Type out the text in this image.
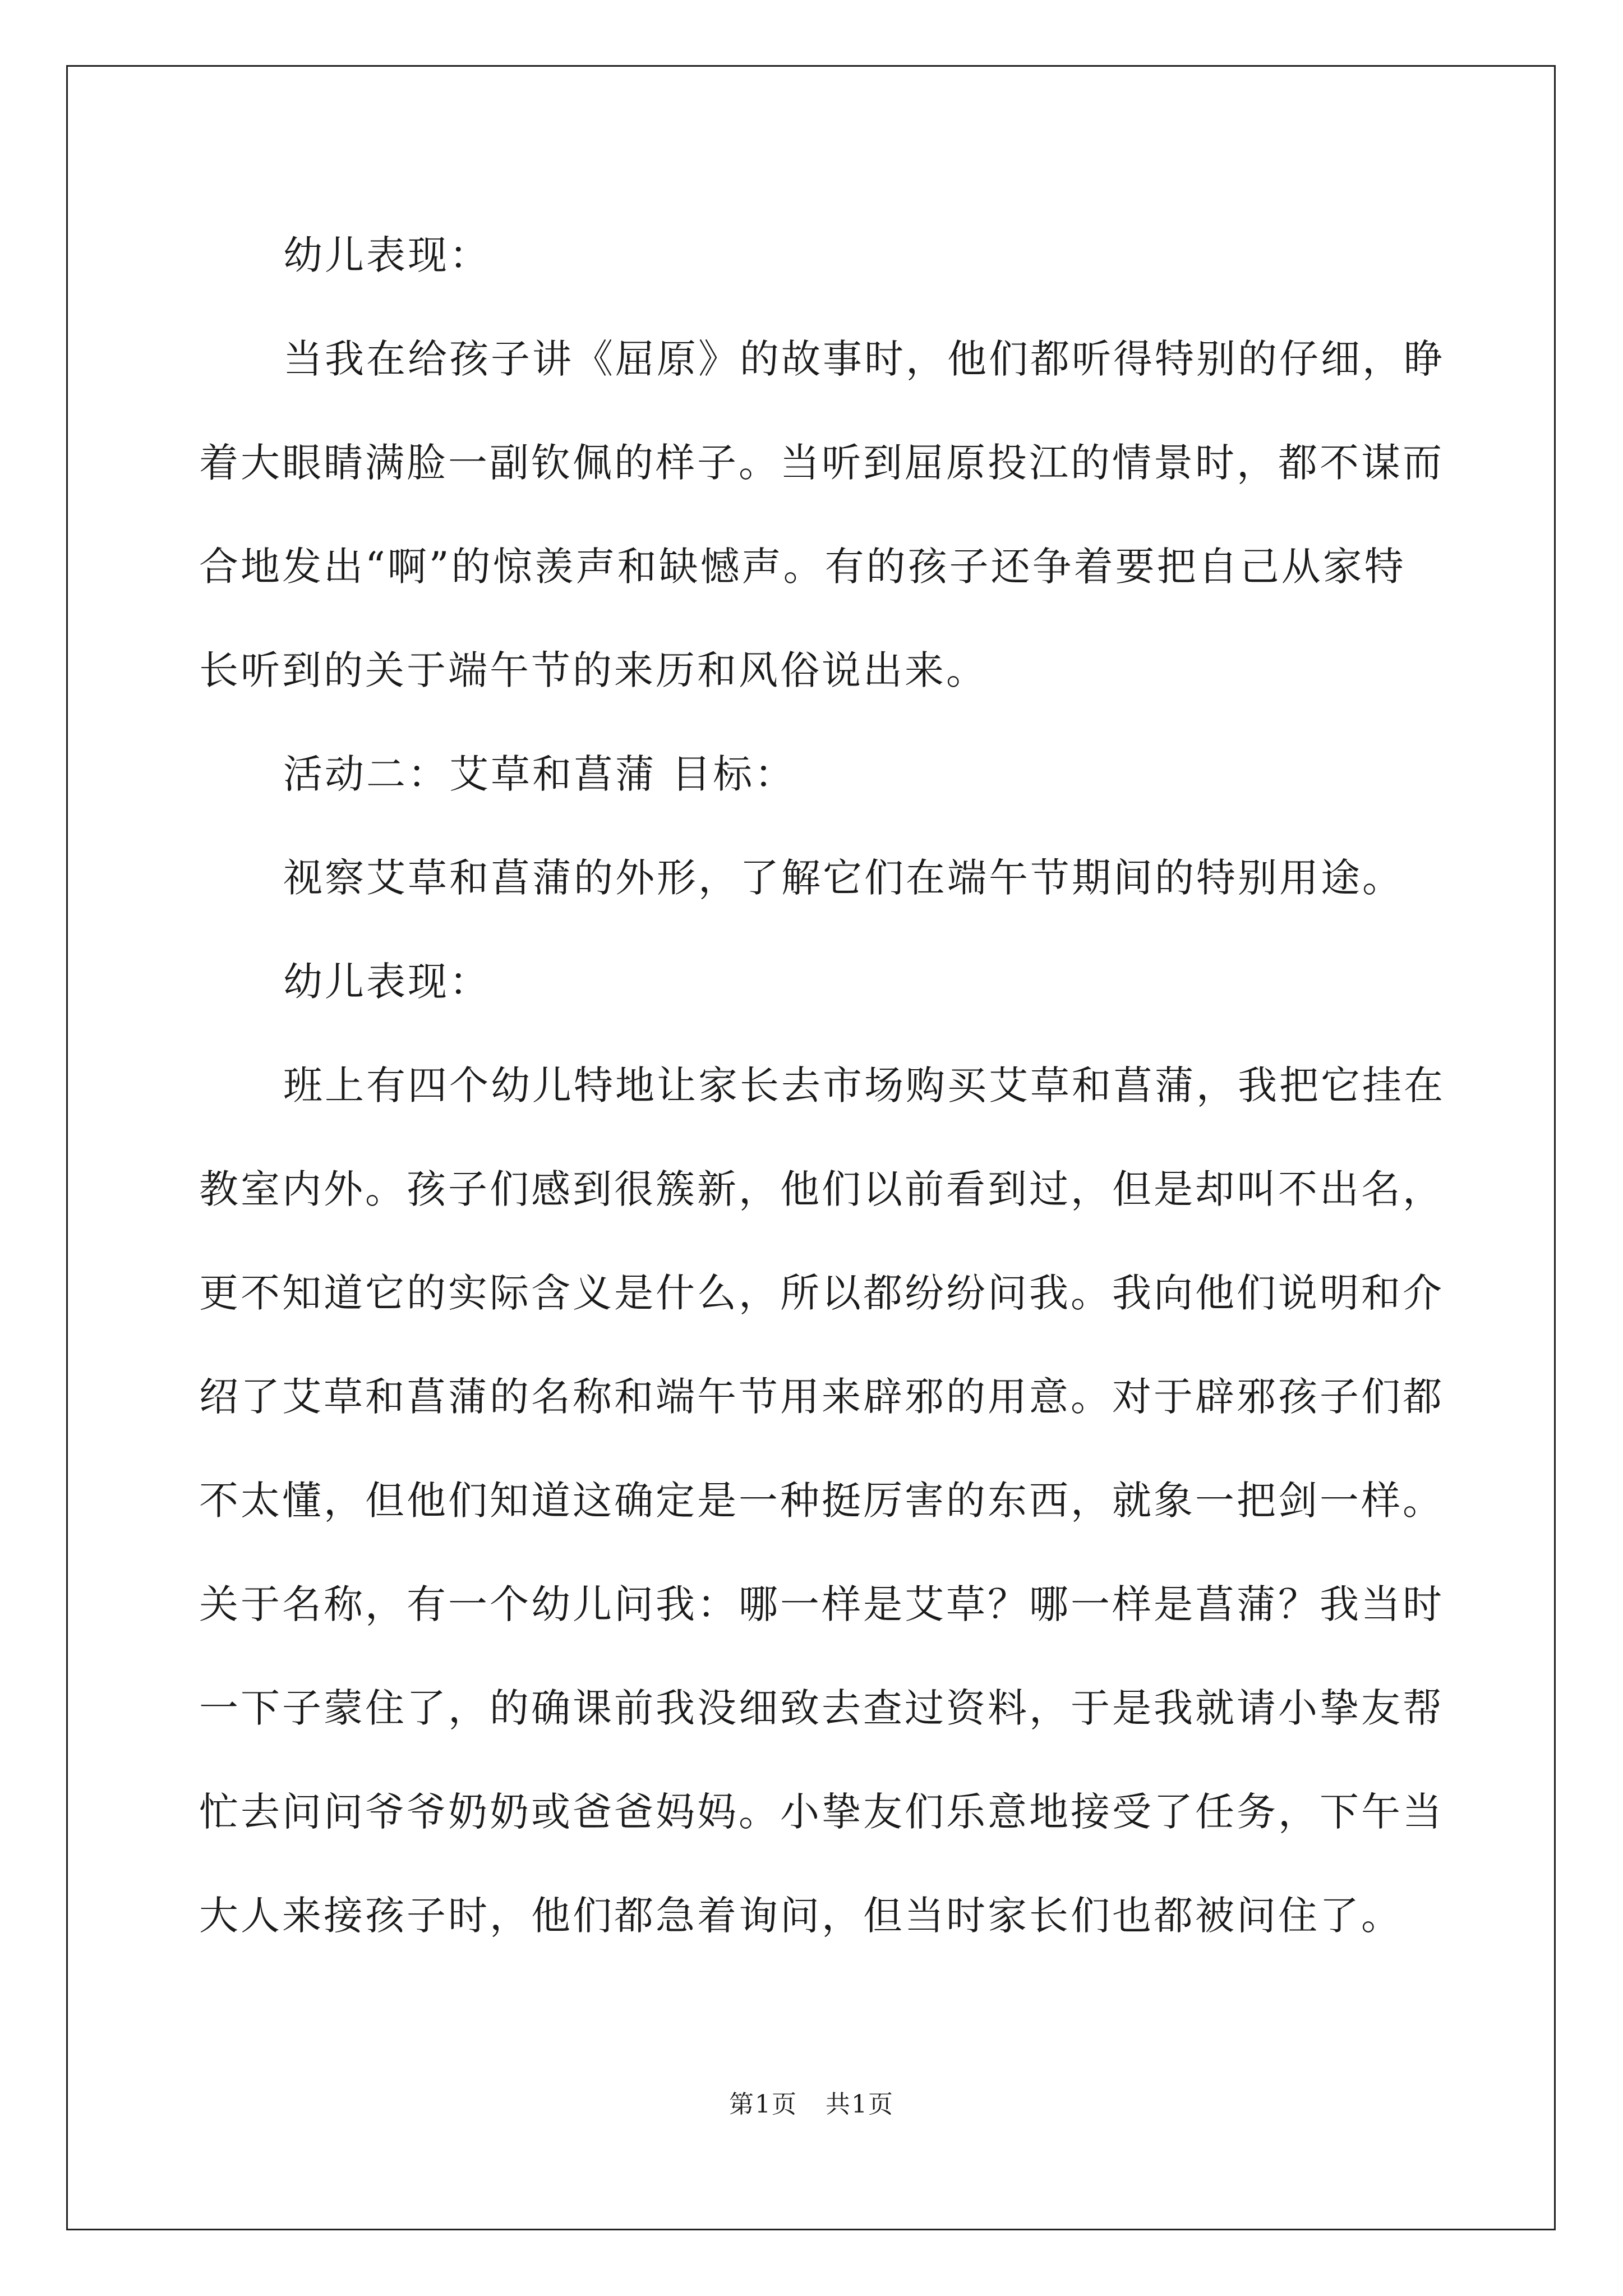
幼儿表现：
当我在给孩子讲《屈原》的故事时，他们都听得特别的仔细，睁
着大眼睛满脸一副钦佩的样子。当听到屈原投江的情景时，都不谋而
合地发出“啊”的惊羡声和缺憾声。有的孩子还争着要把自己从家特
长听到的关于端午节的来历和风俗说出来。
活动二：艾草和菖蒲 目标：
视察艾草和菖蒲的外形，了解它们在端午节期间的特别用途。
幼儿表现：
班上有四个幼儿特地让家长去市场购买艾草和菖蒲，我把它挂在
教室内外。孩子们感到很簇新，他们以前看到过，但是却叫不出名，
更不知道它的实际含义是什么，所以都纷纷问我。我向他们说明和介
绍了艾草和菖蒲的名称和端午节用来辟邪的用意。对于辟邪孩子们都
不太懂，但他们知道这确定是一种挺厉害的东西，就象一把剑一样。
关于名称，有一个幼儿问我：哪一样是艾草？哪一样是菖蒲？我当时
一下子蒙住了，的确课前我没细致去查过资料，于是我就请小挚友帮
忙去问问爷爷奶奶或爸爸妈妈。小挚友们乐意地接受了任务，下午当
大人来接孩子时，他们都急着询问，但当时家长们也都被问住了。
第1页 共1页
